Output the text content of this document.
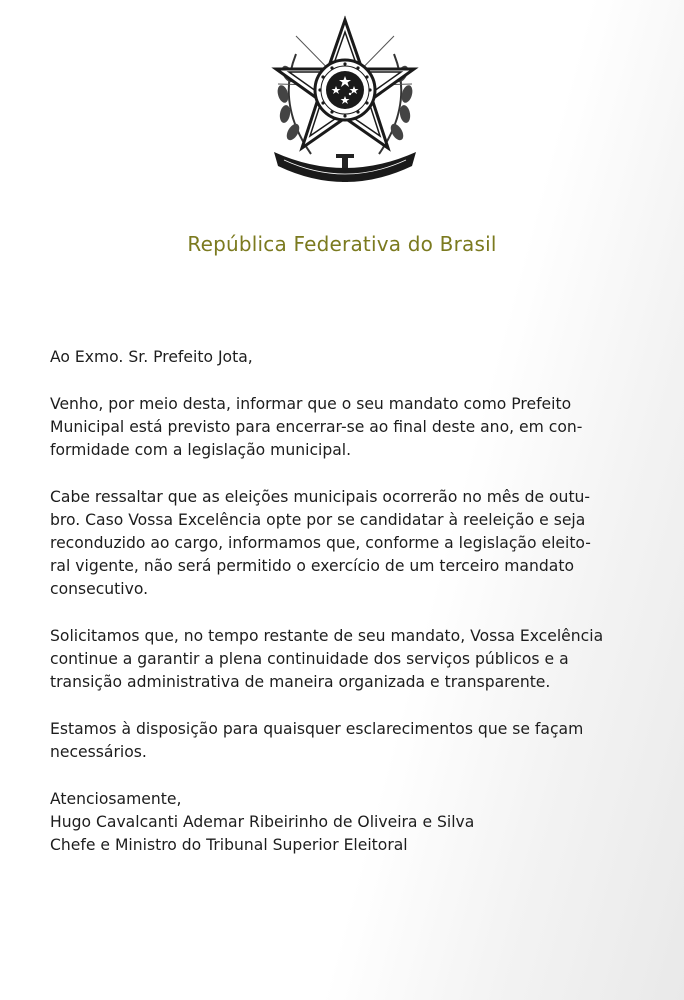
República Federativa do Brasil

Ao Exmo. Sr. Prefeito Jota,

Venho, por meio desta, informar que o seu mandato como Prefeito

Municipal está previsto para encerrar-se ao final deste ano, em con-

formidade com a legislação municipal.

Cabe ressaltar que as eleições municipais ocorrerão no mês de outu-

bro. Caso Vossa Excelência opte por se candidatar à reeleição e seja

reconduzido ao cargo, informamos que, conforme a legislação eleito-

ral vigente, não será permitido o exercício de um terceiro mandato

consecutivo.

Solicitamos que, no tempo restante de seu mandato, Vossa Excelência

continue a garantir a plena continuidade dos serviços públicos e a

transição administrativa de maneira organizada e transparente.

Estamos à disposição para quaisquer esclarecimentos que se façam

necessários.

Atenciosamente,

Hugo Cavalcanti Ademar Ribeirinho de Oliveira e Silva

Chefe e Ministro do Tribunal Superior Eleitoral
